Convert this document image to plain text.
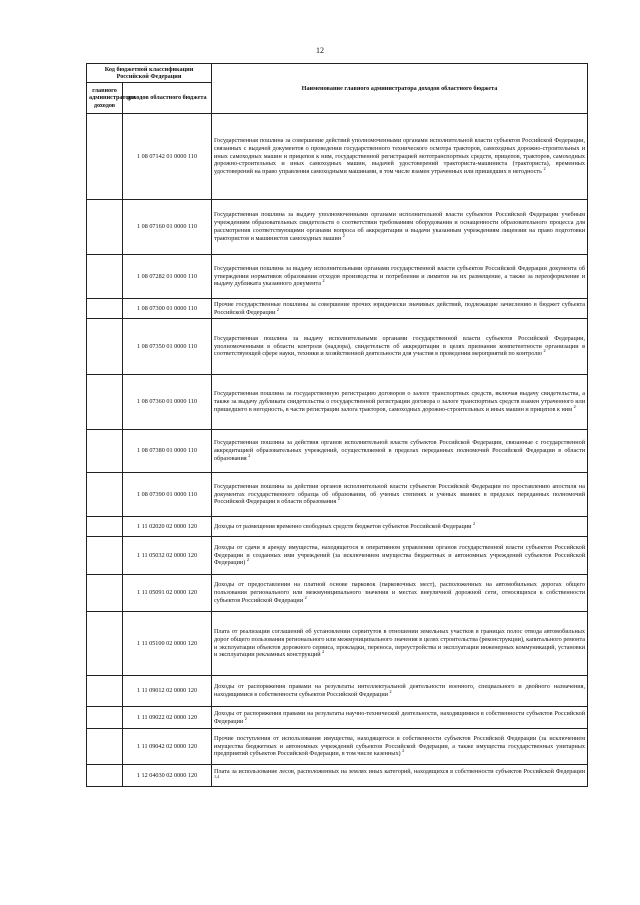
12
Код бюджетной классификации Российской Федерации		Наименование главного администратора доходов областного бюджета
главного администратора доходов	доходов областного бюджета	
	1 08 07142 01 0000 110	Государственная пошлина за совершение действий уполномоченными органами исполнительной власти субъектов Российской Федерации, связанных с выдачей документов о проведении государственного технического осмотра тракторов, самоходных дорожно-строительных и иных самоходных машин и прицепов к ним, государственной регистрацией мототранспортных средств, прицепов, тракторов, самоходных дорожно-строительных и иных самоходных машин, выдачей удостоверений тракториста-машиниста (тракториста), временных удостоверений на право управления самоходными машинами, в том числе взамен утраченных или пришедших в негодность $^2$
	1 08 07160 01 0000 110	Государственная пошлина за выдачу уполномоченными органами исполнительной власти субъектов Российской Федерации учебным учреждениям образовательных свидетельств о соответствии требованиям оборудования и оснащенности образовательного процесса для рассмотрения соответствующими органами вопроса об аккредитации и выдачи указанным учреждениям лицензии на право подготовки трактористов и машинистов самоходных машин $^2$
	1 08 07282 01 0000 110	Государственная пошлина за выдачу исполнительными органами государственной власти субъектов Российской Федерации документа об утверждении нормативов образования отходов производства и потребления и лимитов на их размещение, а также за переоформление и выдачу дубликата указанного документа $^2$
	1 08 07300 01 0000 110	Прочие государственные пошлины за совершение прочих юридически значимых действий, подлежащие зачислению в бюджет субъекта Российской Федерации $^2$
	1 08 07350 01 0000 110	Государственная пошлина за выдачу исполнительными органами государственной власти субъектов Российской Федерации, уполномоченными в области контроля (надзора), свидетельств об аккредитации в целях признания компетентности организации в соответствующей сфере науки, техники и хозяйственной деятельности для участия в проведении мероприятий по контролю $^2$
	1 08 07360 01 0000 110	Государственная пошлина за государственную регистрацию договоров о залоге транспортных средств, включая выдачу свидетельства, а также за выдачу дубликата свидетельства о государственной регистрации договора о залоге транспортных средств взамен утраченного или пришедшего в негодность, в части регистрации залога тракторов, самоходных дорожно-строительных и иных машин и прицепов к ним $^2$
	1 08 07380 01 0000 110	Государственная пошлина за действия органов исполнительной власти субъектов Российской Федерации, связанные с государственной аккредитацией образовательных учреждений, осуществляемой в пределах переданных полномочий Российской Федерации в области образования $^2$
	1 08 07390 01 0000 110	Государственная пошлина за действия органов исполнительной власти субъектов Российской Федерации по проставлению апостиля на документах государственного образца об образовании, об ученых степенях и ученых званиях в пределах переданных полномочий Российской Федерации в области образования $^2$
	1 11 02020 02 0000 120	Доходы от размещения временно свободных средств бюджетов субъектов Российской Федерации $^2$
	1 11 05032 02 0000 120	Доходы от сдачи в аренду имущества, находящегося в оперативном управлении органов государственной власти субъектов Российской Федерации и созданных ими учреждений (за исключением имущества бюджетных и автономных учреждений субъектов Российской Федерации) $^2$
	1 11 05091 02 0000 120	Доходы от предоставления на платной основе парковок (парковочных мест), расположенных на автомобильных дорогах общего пользования регионального или межмуниципального значения и местах внеуличной дорожной сети, относящихся к собственности субъектов Российской Федерации $^2$
	1 11 05100 02 0000 120	Плата от реализации соглашений об установлении сервитутов в отношении земельных участков в границах полос отвода автомобильных дорог общего пользования регионального или межмуниципального значения в целях строительства (реконструкции), капитального ремонта и эксплуатации объектов дорожного сервиса, прокладки, переноса, переустройства и эксплуатации инженерных коммуникаций, установки и эксплуатации рекламных конструкций $^2$
	1 11 09012 02 0000 120	Доходы от распоряжения правами на результаты интеллектуальной деятельности военного, специального и двойного назначения, находящимися в собственности субъектов Российской Федерации $^2$
	1 11 09022 02 0000 120	Доходы от распоряжения правами на результаты научно-технической деятельности, находящимися в собственности субъектов Российской Федерации $^2$
	1 11 09042 02 0000 120	Прочие поступления от использования имущества, находящегося в собственности субъектов Российской Федерации (за исключением имущества бюджетных и автономных учреждений субъектов Российской Федерации, а также имущества государственных унитарных предприятий субъектов Российской Федерации, в том числе казенных) $^2$
	1 12 04030 02 0000 120	Плата за использование лесов, расположенных на землях иных категорий, находящихся в собственности субъектов Российской Федерации $^{1,4}$
